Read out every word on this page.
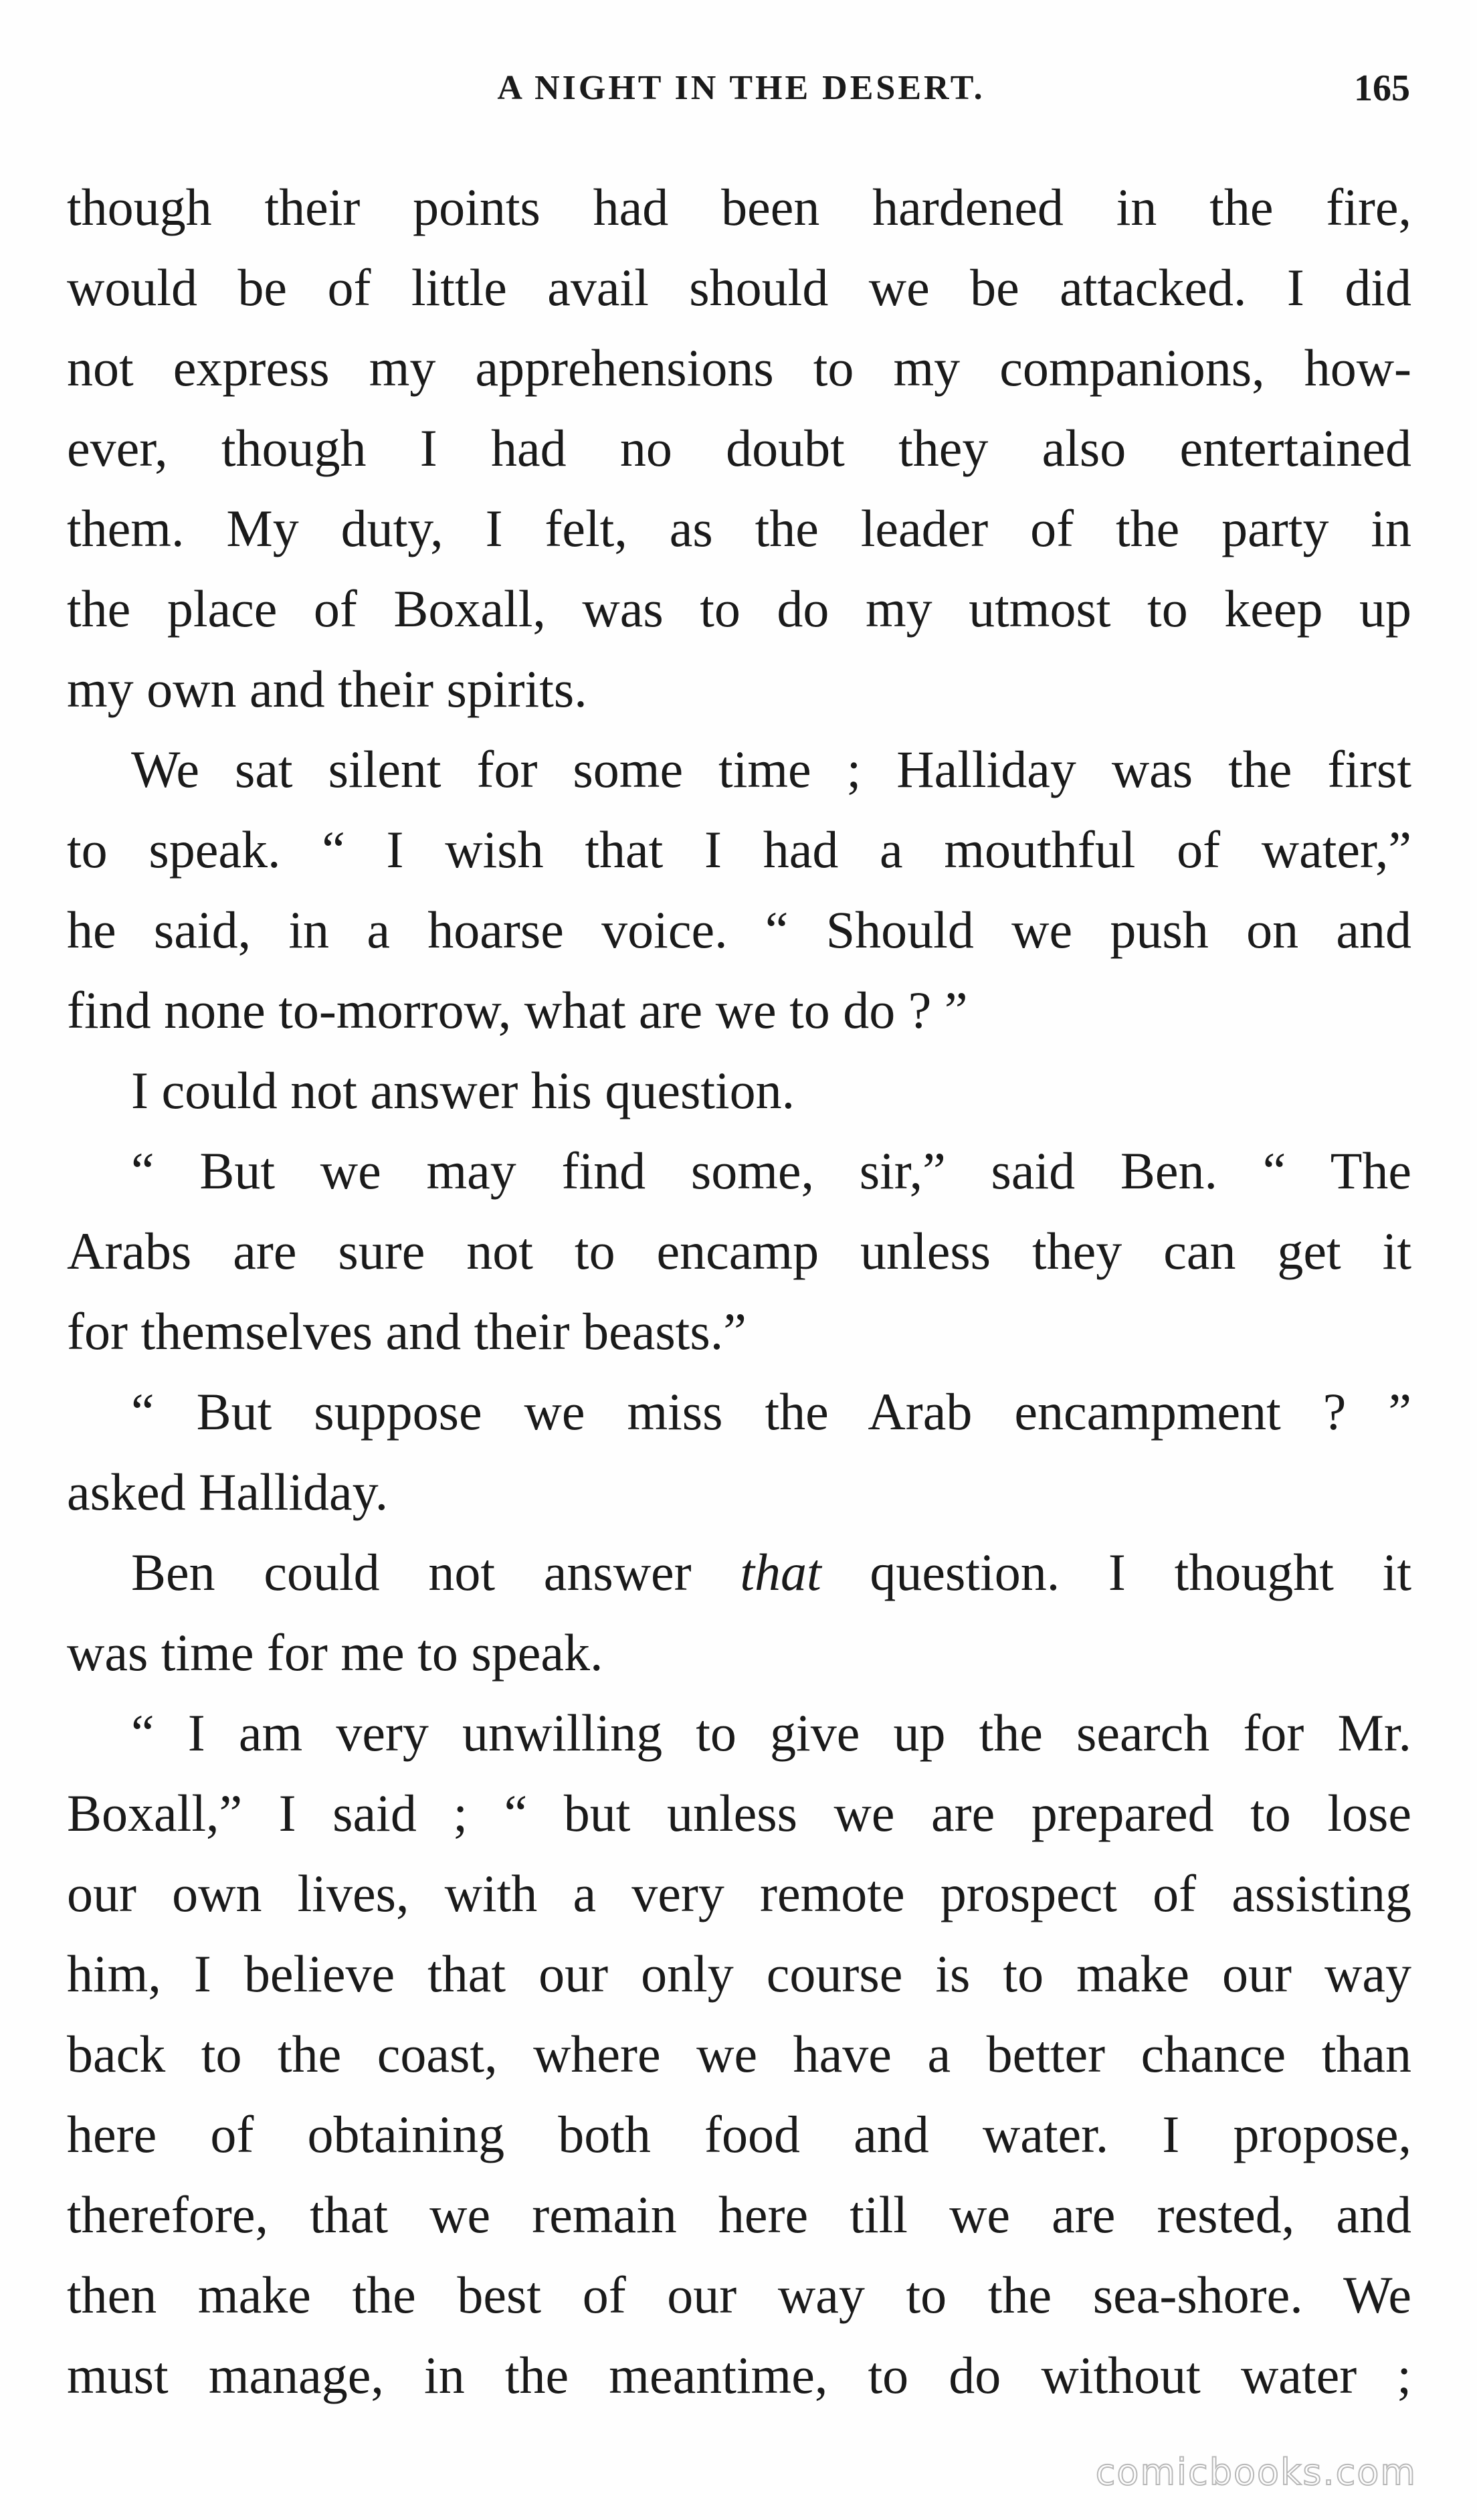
A NIGHT IN THE DESERT.	165
though their points had been hardened in the fire,
would be of little avail should we be attacked. I did
not express my apprehensions to my companions, how-
ever, though I had no doubt they also entertained
them. My duty, I felt, as the leader of the party in
the place of Boxall, was to do my utmost to keep up
my own and their spirits.
We sat silent for some time ; Halliday was the first
to speak. “ I wish that I had a mouthful of water,”
he said, in a hoarse voice. “ Should we push on and
find none to-morrow, what are we to do ? ”
I could not answer his question.
“ But we may find some, sir,” said Ben. “ The
Arabs are sure not to encamp unless they can get it
for themselves and their beasts.”
“ But suppose we miss the Arab encampment ? ”
asked Halliday.
Ben could not answer that question. I thought it
was time for me to speak.
“ I am very unwilling to give up the search for Mr.
Boxall,” I said ; “ but unless we are prepared to lose
our own lives, with a very remote prospect of assisting
him, I believe that our only course is to make our way
back to the coast, where we have a better chance than
here of obtaining both food and water. I propose,
therefore, that we remain here till we are rested, and
then make the best of our way to the sea-shore. We
must manage, in the meantime, to do without water ;
comicbooks.com
